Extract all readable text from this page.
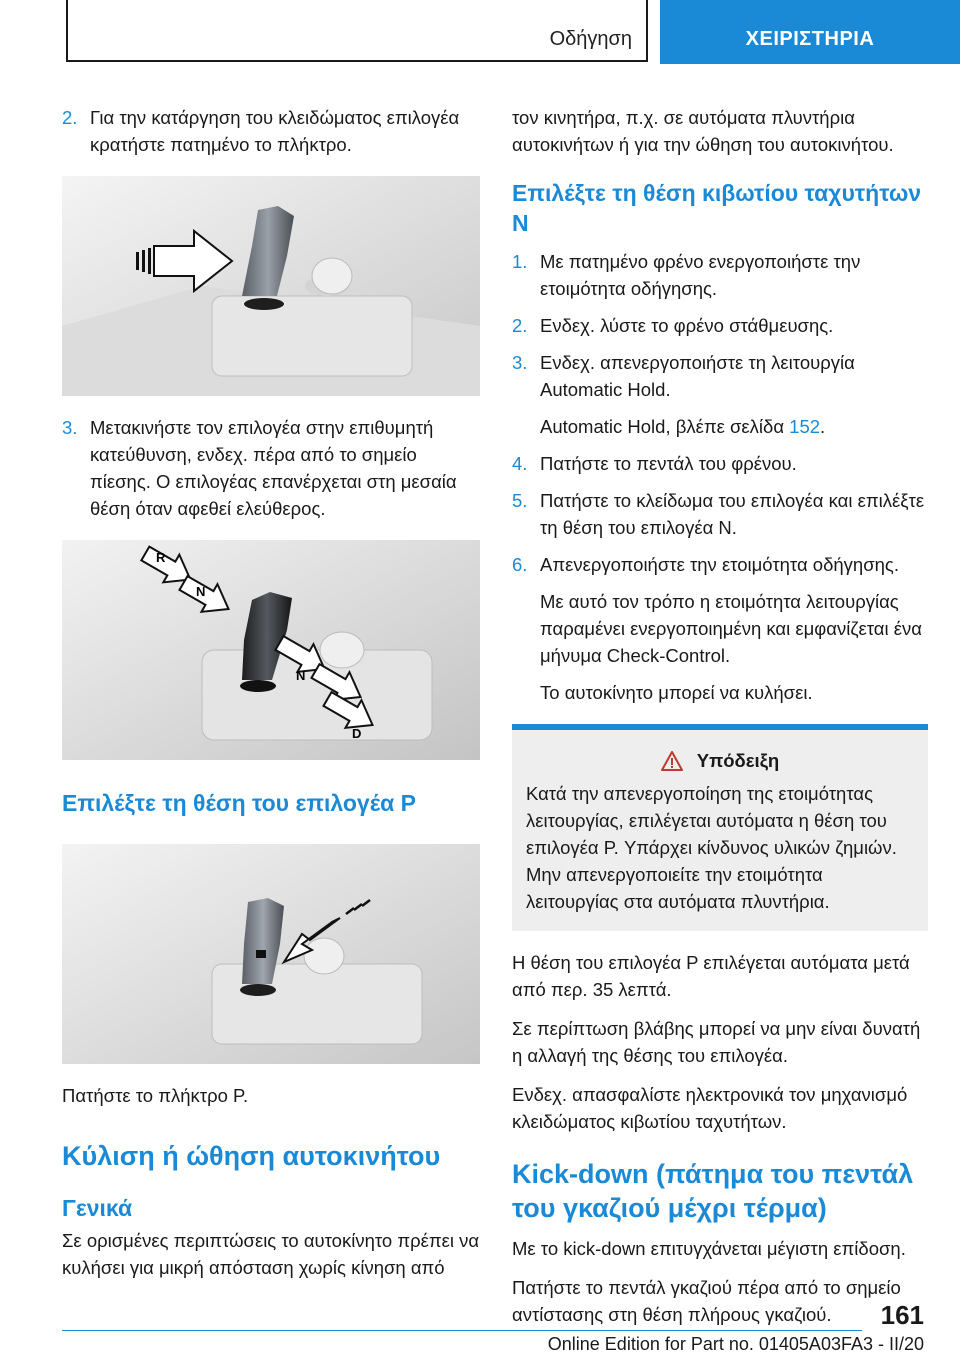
Οδήγηση	ΧΕΙΡΙΣΤΗΡΙΑ
2. Για την κατάργηση του κλειδώματος επιλογέα κρατήστε πατημένο το πλήκτρο.
3. Μετακινήστε τον επιλογέα στην επιθυμητή κατεύθυνση, ενδεχ. πέρα από το σημείο πίεσης. Ο επιλογέας επανέρχεται στη μεσαία θέση όταν αφεθεί ελεύθερος.
R
N
N
D
Επιλέξτε τη θέση του επιλογέα P
Πατήστε το πλήκτρο P.
Κύλιση ή ώθηση αυτοκινήτου
Γενικά
Σε ορισμένες περιπτώσεις το αυτοκίνητο πρέπει να κυλήσει για μικρή απόσταση χωρίς κίνηση από
τον κινητήρα, π.χ. σε αυτόματα πλυντήρια αυτοκινήτων ή για την ώθηση του αυτοκινήτου.
Επιλέξτε τη θέση κιβωτίου ταχυτήτων N
1. Με πατημένο φρένο ενεργοποιήστε την ετοιμότητα οδήγησης.
2. Ενδεχ. λύστε το φρένο στάθμευσης.
3. Ενδεχ. απενεργοποιήστε τη λειτουργία Automatic Hold.
Automatic Hold, βλέπε σελίδα 152.
4. Πατήστε το πεντάλ του φρένου.
5. Πατήστε το κλείδωμα του επιλογέα και επιλέξτε τη θέση του επιλογέα N.
6. Απενεργοποιήστε την ετοιμότητα οδήγησης.
Με αυτό τον τρόπο η ετοιμότητα λειτουργίας παραμένει ενεργοποιημένη και εμφανίζεται ένα μήνυμα Check-Control.
Το αυτοκίνητο μπορεί να κυλήσει.
Υπόδειξη
Κατά την απενεργοποίηση της ετοιμότητας λειτουργίας, επιλέγεται αυτόματα η θέση του επιλογέα P. Υπάρχει κίνδυνος υλικών ζημιών. Μην απενεργοποιείτε την ετοιμότητα λειτουργίας στα αυτόματα πλυντήρια.
Η θέση του επιλογέα P επιλέγεται αυτόματα μετά από περ. 35 λεπτά.
Σε περίπτωση βλάβης μπορεί να μην είναι δυνατή η αλλαγή της θέσης του επιλογέα.
Ενδεχ. απασφαλίστε ηλεκτρονικά τον μηχανισμό κλειδώματος κιβωτίου ταχυτήτων.
Kick-down (πάτημα του πεντάλ του γκαζιού μέχρι τέρμα)
Με το kick-down επιτυγχάνεται μέγιστη επίδοση.
Πατήστε το πεντάλ γκαζιού πέρα από το σημείο αντίστασης στη θέση πλήρους γκαζιού.	161
Online Edition for Part no. 01405A03FA3 - II/20
